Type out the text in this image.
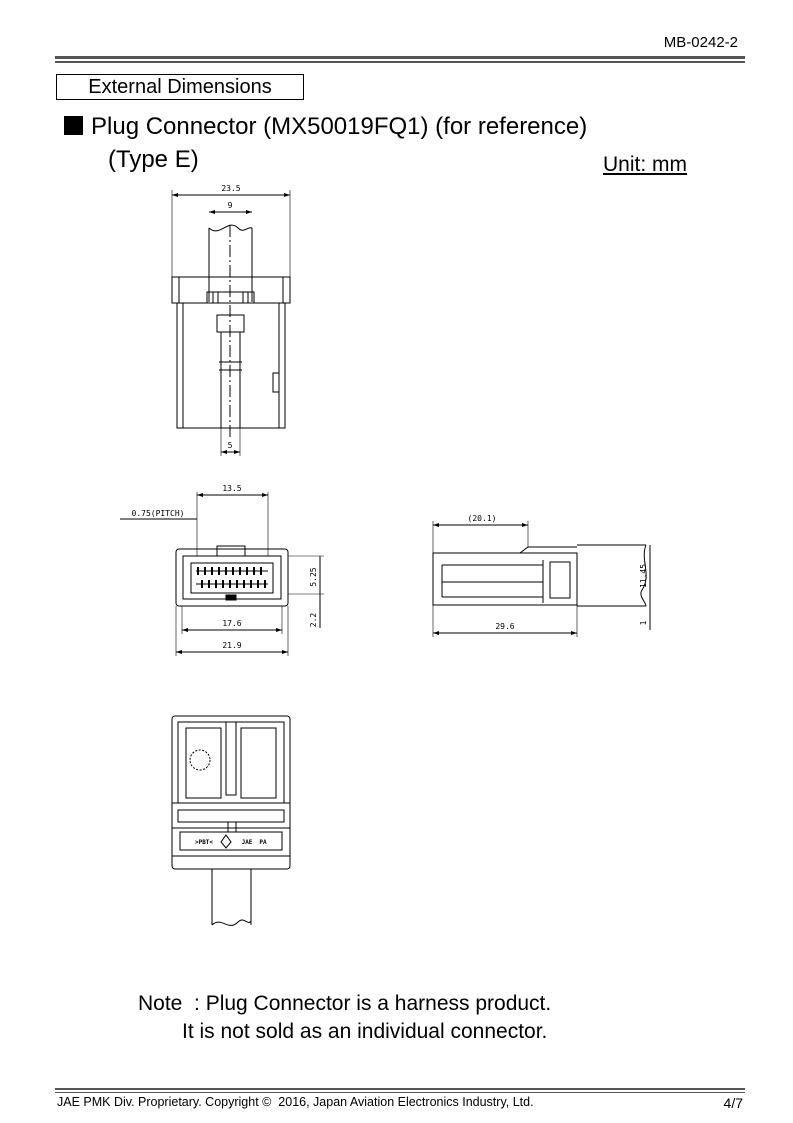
MB-0242-2
External Dimensions
Plug Connector (MX50019FQ1) (for reference)
(Type E)	Unit: mm
23.5
9
5
13.5
0.75(PITCH)
17.6
21.9
(20.1)
29.6
5.25
2.2
11.45
1
>PBT<	JAE PA
Note  : Plug Connector is a harness product.
It is not sold as an individual connector.
JAE PMK Div. Proprietary. Copyright ©  2016, Japan Aviation Electronics Industry, Ltd.	4/7
